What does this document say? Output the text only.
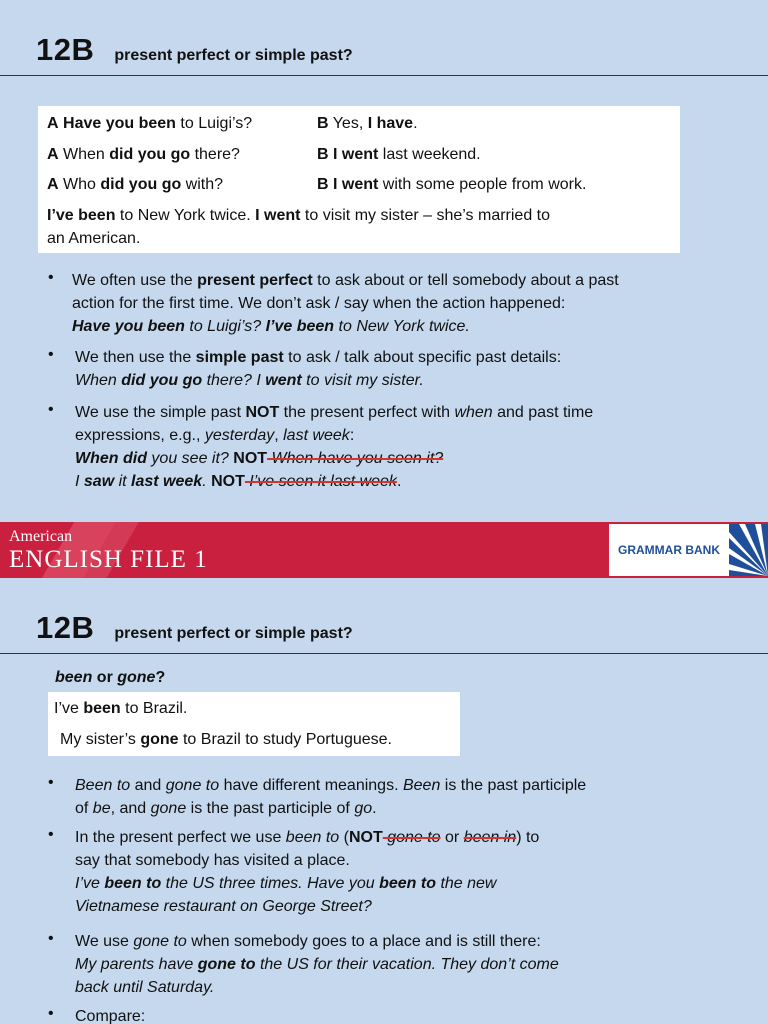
12B present perfect or simple past?
A Have you been to Luigi’s?	B Yes, I have.
A When did you go there?	B I went last weekend.
A Who did you go with?	B I went with some people from work.
I’ve been to New York twice. I went to visit my sister – she’s married to
an American.
• We often use the present perfect to ask about or tell somebody about a past
action for the first time. We don’t ask / say when the action happened:
Have you been to Luigi’s? I’ve been to New York twice.
• We then use the simple past to ask / talk about specific past details:
When did you go there? I went to visit my sister.
• We use the simple past NOT the present perfect with when and past time
expressions, e.g., yesterday, last week:
When did you see it? NOT When have you seen it?
I saw it last week. NOT I’ve seen it last week.
American
ENGLISH FILE 1	GRAMMAR BANK
12B present perfect or simple past?
been or gone?
I’ve been to Brazil.
My sister’s gone to Brazil to study Portuguese.
• Been to and gone to have different meanings. Been is the past participle
of be, and gone is the past participle of go.
• In the present perfect we use been to (NOT gone to or been in) to
say that somebody has visited a place.
I’ve been to the US three times. Have you been to the new
Vietnamese restaurant on George Street?
• We use gone to when somebody goes to a place and is still there:
My parents have gone to the US for their vacation. They don’t come
back until Saturday.
• Compare:
